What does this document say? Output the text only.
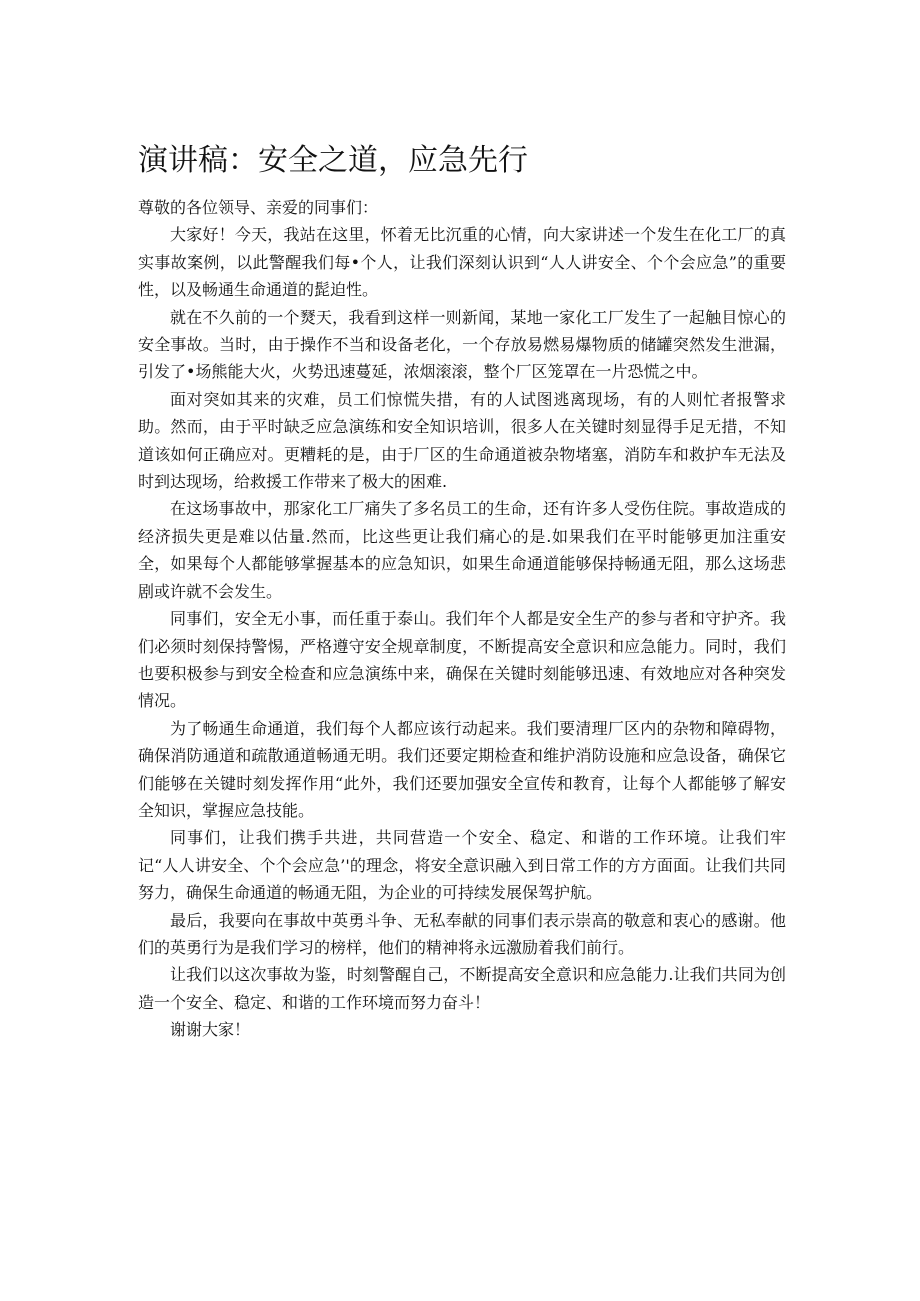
演讲稿：安全之道，应急先行

尊敬的各位领导、亲爱的同事们：

大家好！今天，我站在这里，怀着无比沉重的心情，向大家讲述一个发生在化工厂的真实事故案例，以此警醒我们每•个人，让我们深刻认识到“人人讲安全、个个会应急”的重要性，以及畅通生命通道的髭迫性。

就在不久前的一个燹天，我看到这样一则新闻，某地一家化工厂发生了一起触目惊心的安全事故。当时，由于操作不当和设备老化，一个存放易燃易爆物质的储罐突然发生泄漏，引发了•场熊能大火，火势迅速蔓延，浓烟滚滚，整个厂区笼罩在一片恐慌之中。

面对突如其来的灾难，员工们惊慌失措，有的人试图逃离现场，有的人则忙者报警求助。然而，由于平时缺乏应急演练和安全知识培训，很多人在关键时刻显得手足无措，不知道该如何正确应对。更糟耗的是，由于厂区的生命通道被杂物堵塞，消防车和救护车无法及时到达现场，给救援工作带来了极大的困难.

在这场事故中，那家化工厂痛失了多名员工的生命，还有许多人受伤住院。事故造成的经济损失更是难以估量.然而，比这些更让我们痛心的是.如果我们在平时能够更加注重安全，如果每个人都能够掌握基本的应急知识，如果生命通道能够保持畅通无阻，那么这场悲剧或许就不会发生。

同事们，安全无小事，而任重于泰山。我们年个人都是安全生产的参与者和守护齐。我们必须时刻保持警惕，严格遵守安全规章制度，不断提高安全意识和应急能力。同时，我们也要积极参与到安全检查和应急演练中来，确保在关键时刻能够迅速、有效地应对各种突发情况。

为了畅通生命通道，我们每个人都应该行动起来。我们要清理厂区内的杂物和障碍物，确保消防通道和疏散通道畅通无明。我们还要定期检查和维护消防设施和应急设备，确保它们能够在关键时刻发挥作用“此外，我们还要加强安全宣传和教育，让每个人都能够了解安全知识，掌握应急技能。

同事们，让我们携手共进，共同营造一个安全、稳定、和谐的工作环境。让我们牢记“人人讲安全、个个会应急’'的理念，将安全意识融入到日常工作的方方面面。让我们共同努力，确保生命通道的畅通无阻，为企业的可持续发展保驾护航。

最后，我要向在事故中英勇斗争、无私奉献的同事们表示崇高的敬意和衷心的感谢。他们的英勇行为是我们学习的榜样，他们的精神将永远激励着我们前行。

让我们以这次事故为鉴，时刻警醒自己，不断提高安全意识和应急能力.让我们共同为创造一个安全、稳定、和谐的工作环境而努力奋斗！

谢谢大家！
